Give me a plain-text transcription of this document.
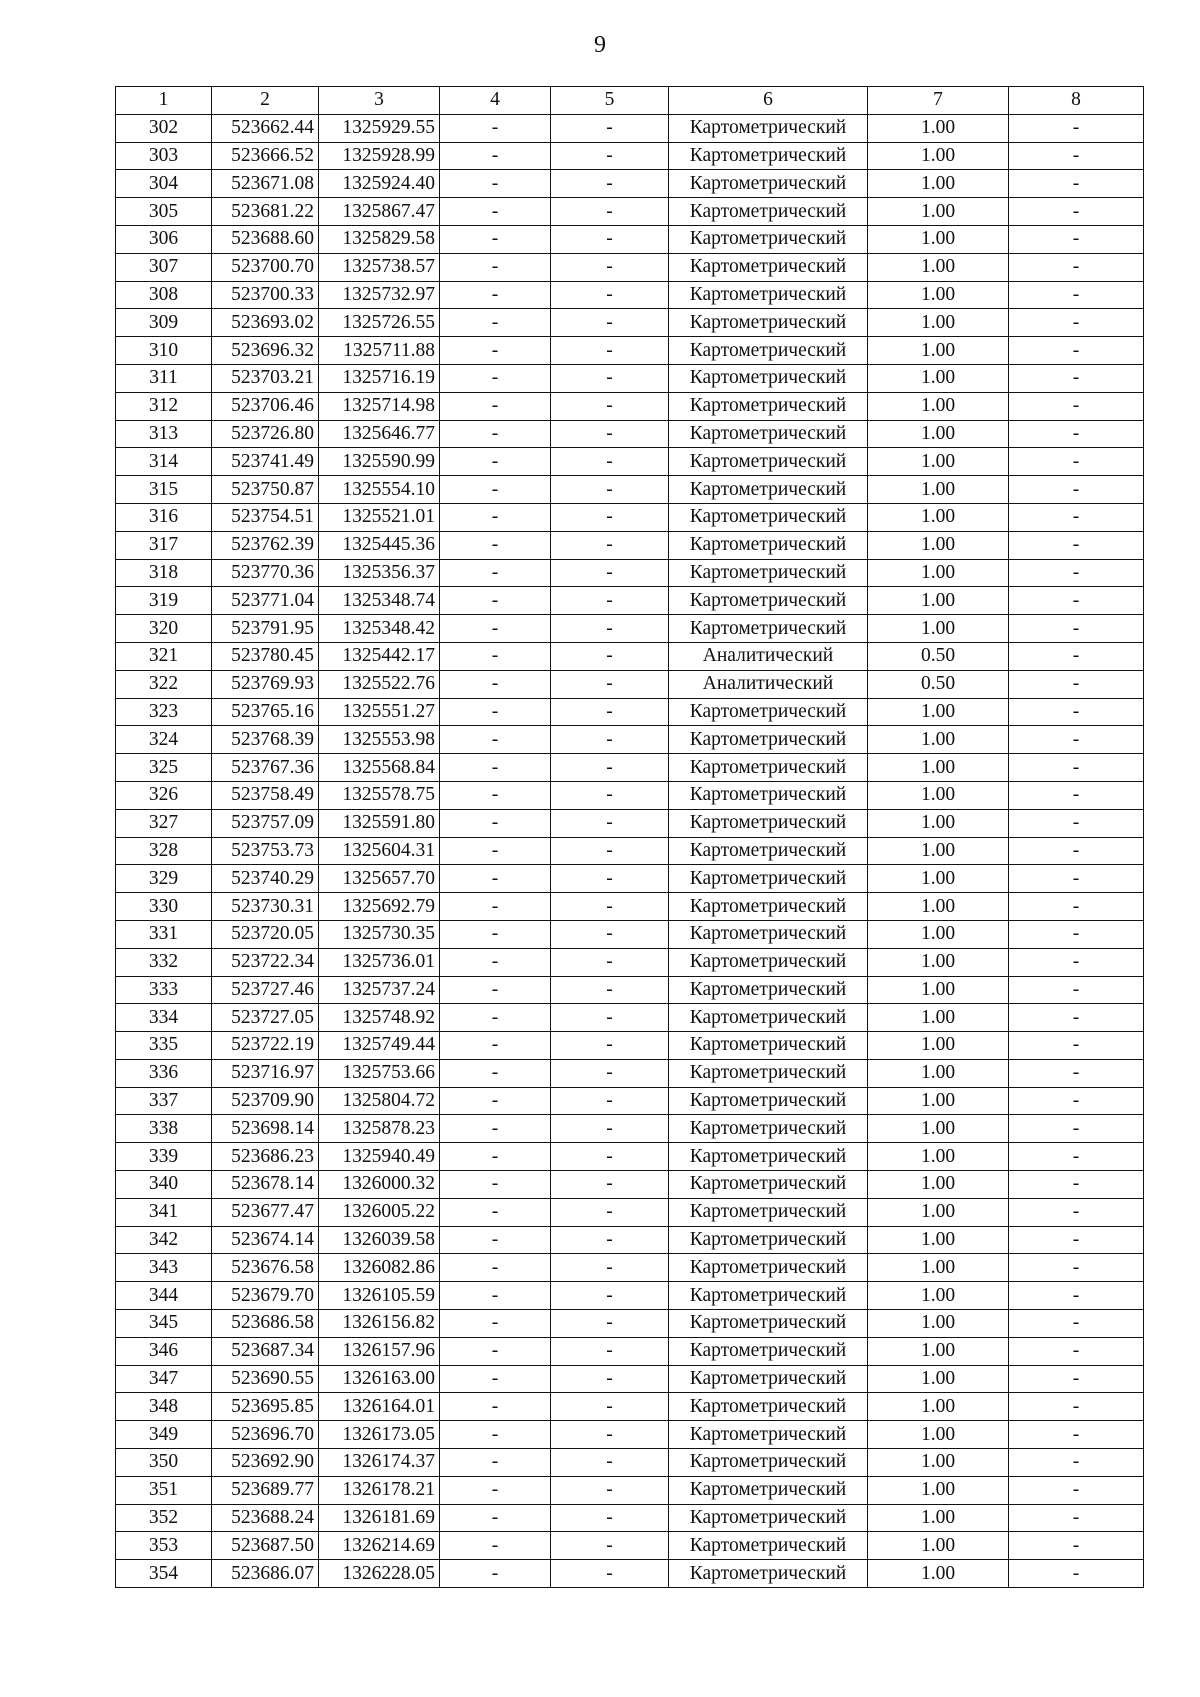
9
1	2	3	4	5	6	7	8
302	523662.44	1325929.55	-	-	Картометрический	1.00	-
303	523666.52	1325928.99	-	-	Картометрический	1.00	-
304	523671.08	1325924.40	-	-	Картометрический	1.00	-
305	523681.22	1325867.47	-	-	Картометрический	1.00	-
306	523688.60	1325829.58	-	-	Картометрический	1.00	-
307	523700.70	1325738.57	-	-	Картометрический	1.00	-
308	523700.33	1325732.97	-	-	Картометрический	1.00	-
309	523693.02	1325726.55	-	-	Картометрический	1.00	-
310	523696.32	1325711.88	-	-	Картометрический	1.00	-
311	523703.21	1325716.19	-	-	Картометрический	1.00	-
312	523706.46	1325714.98	-	-	Картометрический	1.00	-
313	523726.80	1325646.77	-	-	Картометрический	1.00	-
314	523741.49	1325590.99	-	-	Картометрический	1.00	-
315	523750.87	1325554.10	-	-	Картометрический	1.00	-
316	523754.51	1325521.01	-	-	Картометрический	1.00	-
317	523762.39	1325445.36	-	-	Картометрический	1.00	-
318	523770.36	1325356.37	-	-	Картометрический	1.00	-
319	523771.04	1325348.74	-	-	Картометрический	1.00	-
320	523791.95	1325348.42	-	-	Картометрический	1.00	-
321	523780.45	1325442.17	-	-	Аналитический	0.50	-
322	523769.93	1325522.76	-	-	Аналитический	0.50	-
323	523765.16	1325551.27	-	-	Картометрический	1.00	-
324	523768.39	1325553.98	-	-	Картометрический	1.00	-
325	523767.36	1325568.84	-	-	Картометрический	1.00	-
326	523758.49	1325578.75	-	-	Картометрический	1.00	-
327	523757.09	1325591.80	-	-	Картометрический	1.00	-
328	523753.73	1325604.31	-	-	Картометрический	1.00	-
329	523740.29	1325657.70	-	-	Картометрический	1.00	-
330	523730.31	1325692.79	-	-	Картометрический	1.00	-
331	523720.05	1325730.35	-	-	Картометрический	1.00	-
332	523722.34	1325736.01	-	-	Картометрический	1.00	-
333	523727.46	1325737.24	-	-	Картометрический	1.00	-
334	523727.05	1325748.92	-	-	Картометрический	1.00	-
335	523722.19	1325749.44	-	-	Картометрический	1.00	-
336	523716.97	1325753.66	-	-	Картометрический	1.00	-
337	523709.90	1325804.72	-	-	Картометрический	1.00	-
338	523698.14	1325878.23	-	-	Картометрический	1.00	-
339	523686.23	1325940.49	-	-	Картометрический	1.00	-
340	523678.14	1326000.32	-	-	Картометрический	1.00	-
341	523677.47	1326005.22	-	-	Картометрический	1.00	-
342	523674.14	1326039.58	-	-	Картометрический	1.00	-
343	523676.58	1326082.86	-	-	Картометрический	1.00	-
344	523679.70	1326105.59	-	-	Картометрический	1.00	-
345	523686.58	1326156.82	-	-	Картометрический	1.00	-
346	523687.34	1326157.96	-	-	Картометрический	1.00	-
347	523690.55	1326163.00	-	-	Картометрический	1.00	-
348	523695.85	1326164.01	-	-	Картометрический	1.00	-
349	523696.70	1326173.05	-	-	Картометрический	1.00	-
350	523692.90	1326174.37	-	-	Картометрический	1.00	-
351	523689.77	1326178.21	-	-	Картометрический	1.00	-
352	523688.24	1326181.69	-	-	Картометрический	1.00	-
353	523687.50	1326214.69	-	-	Картометрический	1.00	-
354	523686.07	1326228.05	-	-	Картометрический	1.00	-
